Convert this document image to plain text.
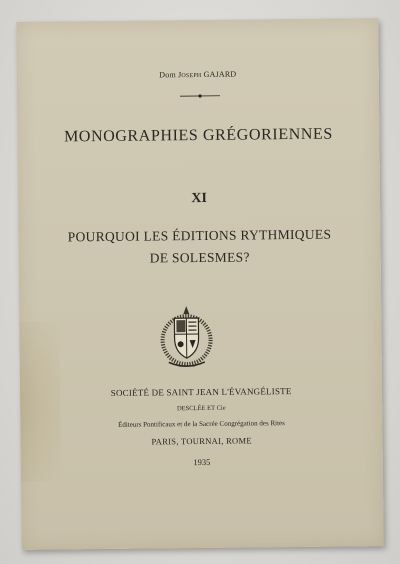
Dom Joseph GAJARD
MONOGRAPHIES GRÉGORIENNES
XI
POURQUOI LES ÉDITIONS RYTHMIQUES
DE SOLESMES?
SOCIÉTÉ DE SAINT JEAN L'ÉVANGÉLISTE
DESCLÉE ET Cie
Éditeurs Pontificaux et de la Sacrée Congrégation des Rites
PARIS, TOURNAI, ROME
1935
